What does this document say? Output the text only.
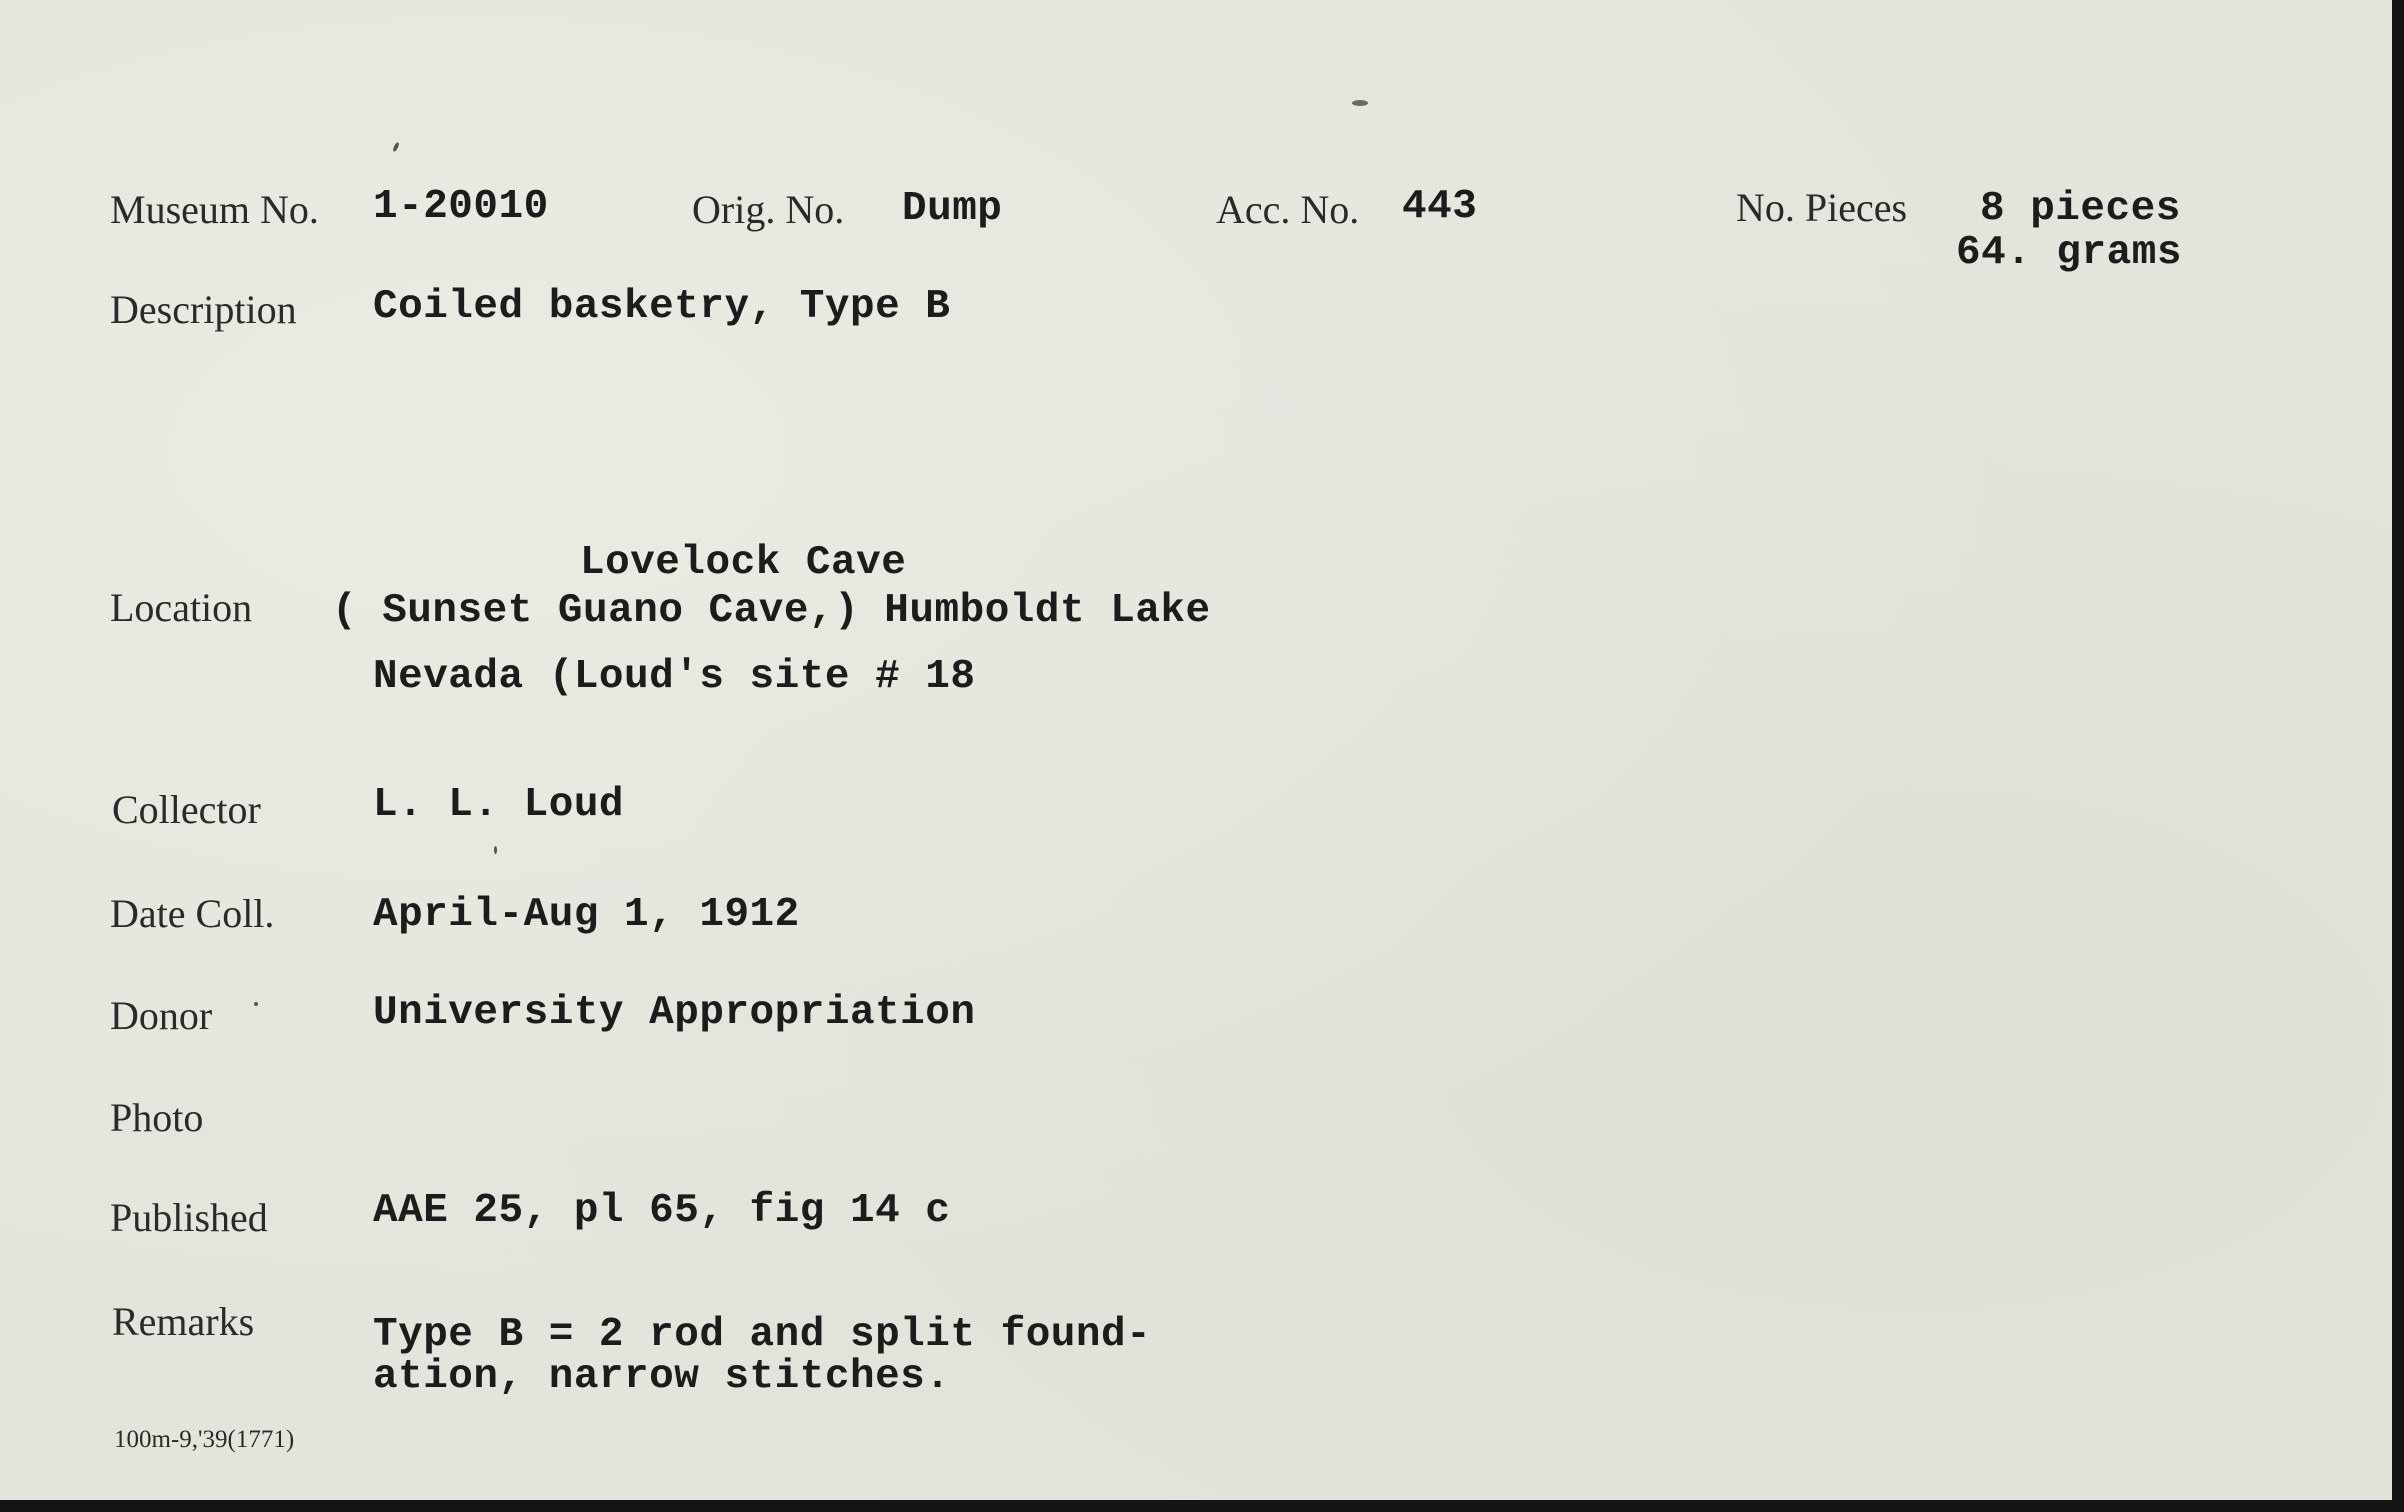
Museum No. 1-20010	Orig. No. Dump	Acc. No. 443	No. Pieces 8 pieces
64. grams
Description Coiled basketry, Type B
Lovelock Cave
Location ( Sunset Guano Cave,) Humboldt Lake
Nevada (Loud's site # 18
Collector	L. L. Loud
Date Coll. April-Aug 1, 1912
Donor	University Appropriation
Photo
Published	AAE 25, pl 65, fig 14 c
Remarks	Type B = 2 rod and split found-
ation, narrow stitches.
100m-9,'39(1771)
